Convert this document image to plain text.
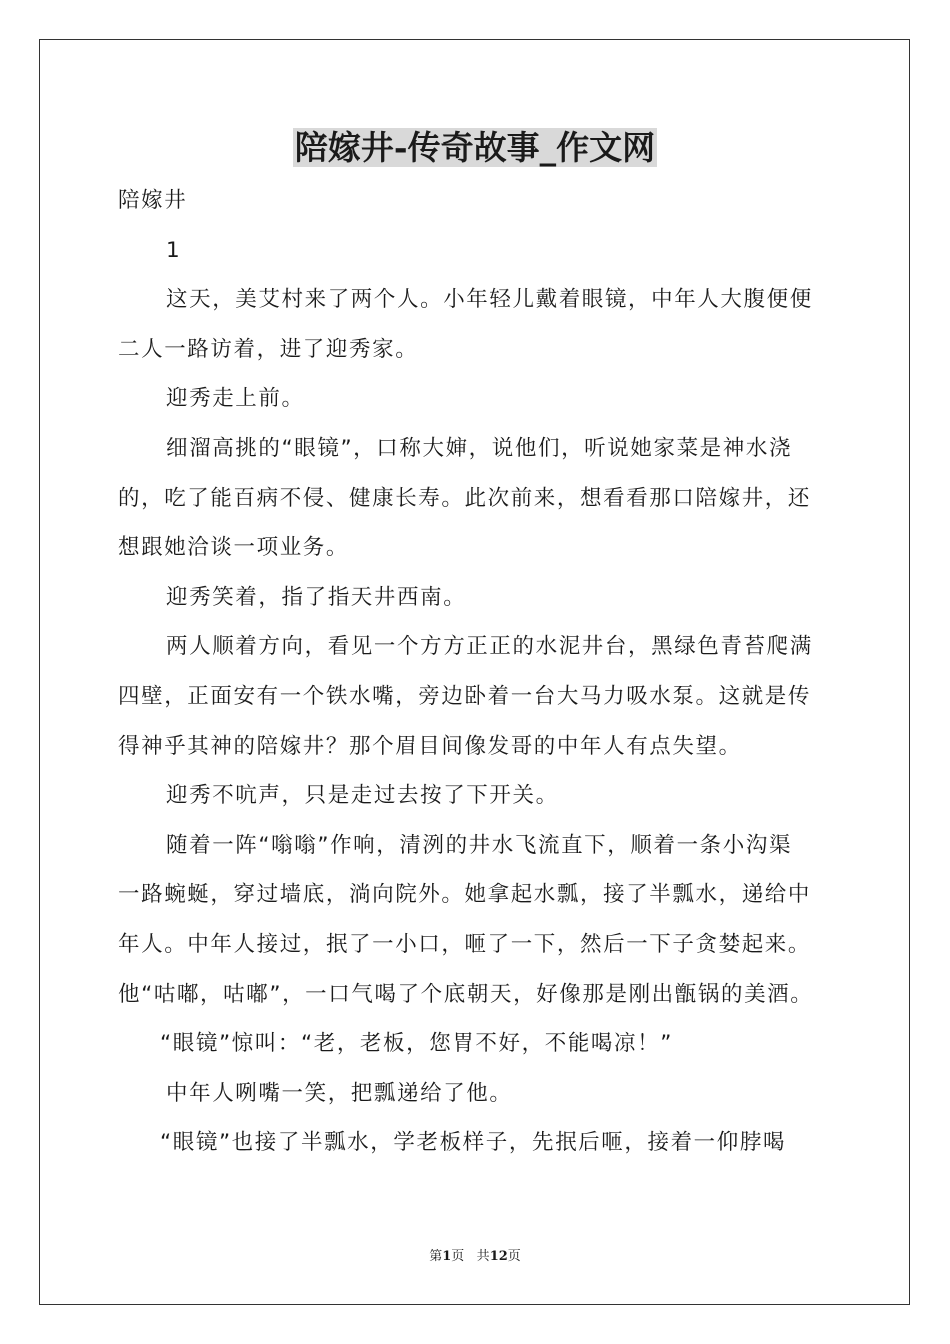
陪嫁井-传奇故事_作文网
陪嫁井
1
这天，美艾村来了两个人。小年轻儿戴着眼镜，中年人大腹便便
二人一路访着，进了迎秀家。
迎秀走上前。
细溜高挑的“眼镜”，口称大婶，说他们，听说她家菜是神水浇
的，吃了能百病不侵、健康长寿。此次前来，想看看那口陪嫁井，还
想跟她洽谈一项业务。
迎秀笑着，指了指天井西南。
两人顺着方向，看见一个方方正正的水泥井台，黑绿色青苔爬满
四壁，正面安有一个铁水嘴，旁边卧着一台大马力吸水泵。这就是传
得神乎其神的陪嫁井？那个眉目间像发哥的中年人有点失望。
迎秀不吭声，只是走过去按了下开关。
随着一阵“嗡嗡”作响，清洌的井水飞流直下，顺着一条小沟渠
一路蜿蜒，穿过墙底，淌向院外。她拿起水瓢，接了半瓢水，递给中
年人。中年人接过，抿了一小口，咂了一下，然后一下子贪婪起来。
他“咕嘟，咕嘟”，一口气喝了个底朝天，好像那是刚出甑锅的美酒。
“眼镜”惊叫：“老，老板，您胃不好，不能喝凉！”
中年人咧嘴一笑，把瓢递给了他。
“眼镜”也接了半瓢水，学老板样子，先抿后咂，接着一仰脖喝
第1页 共12页
